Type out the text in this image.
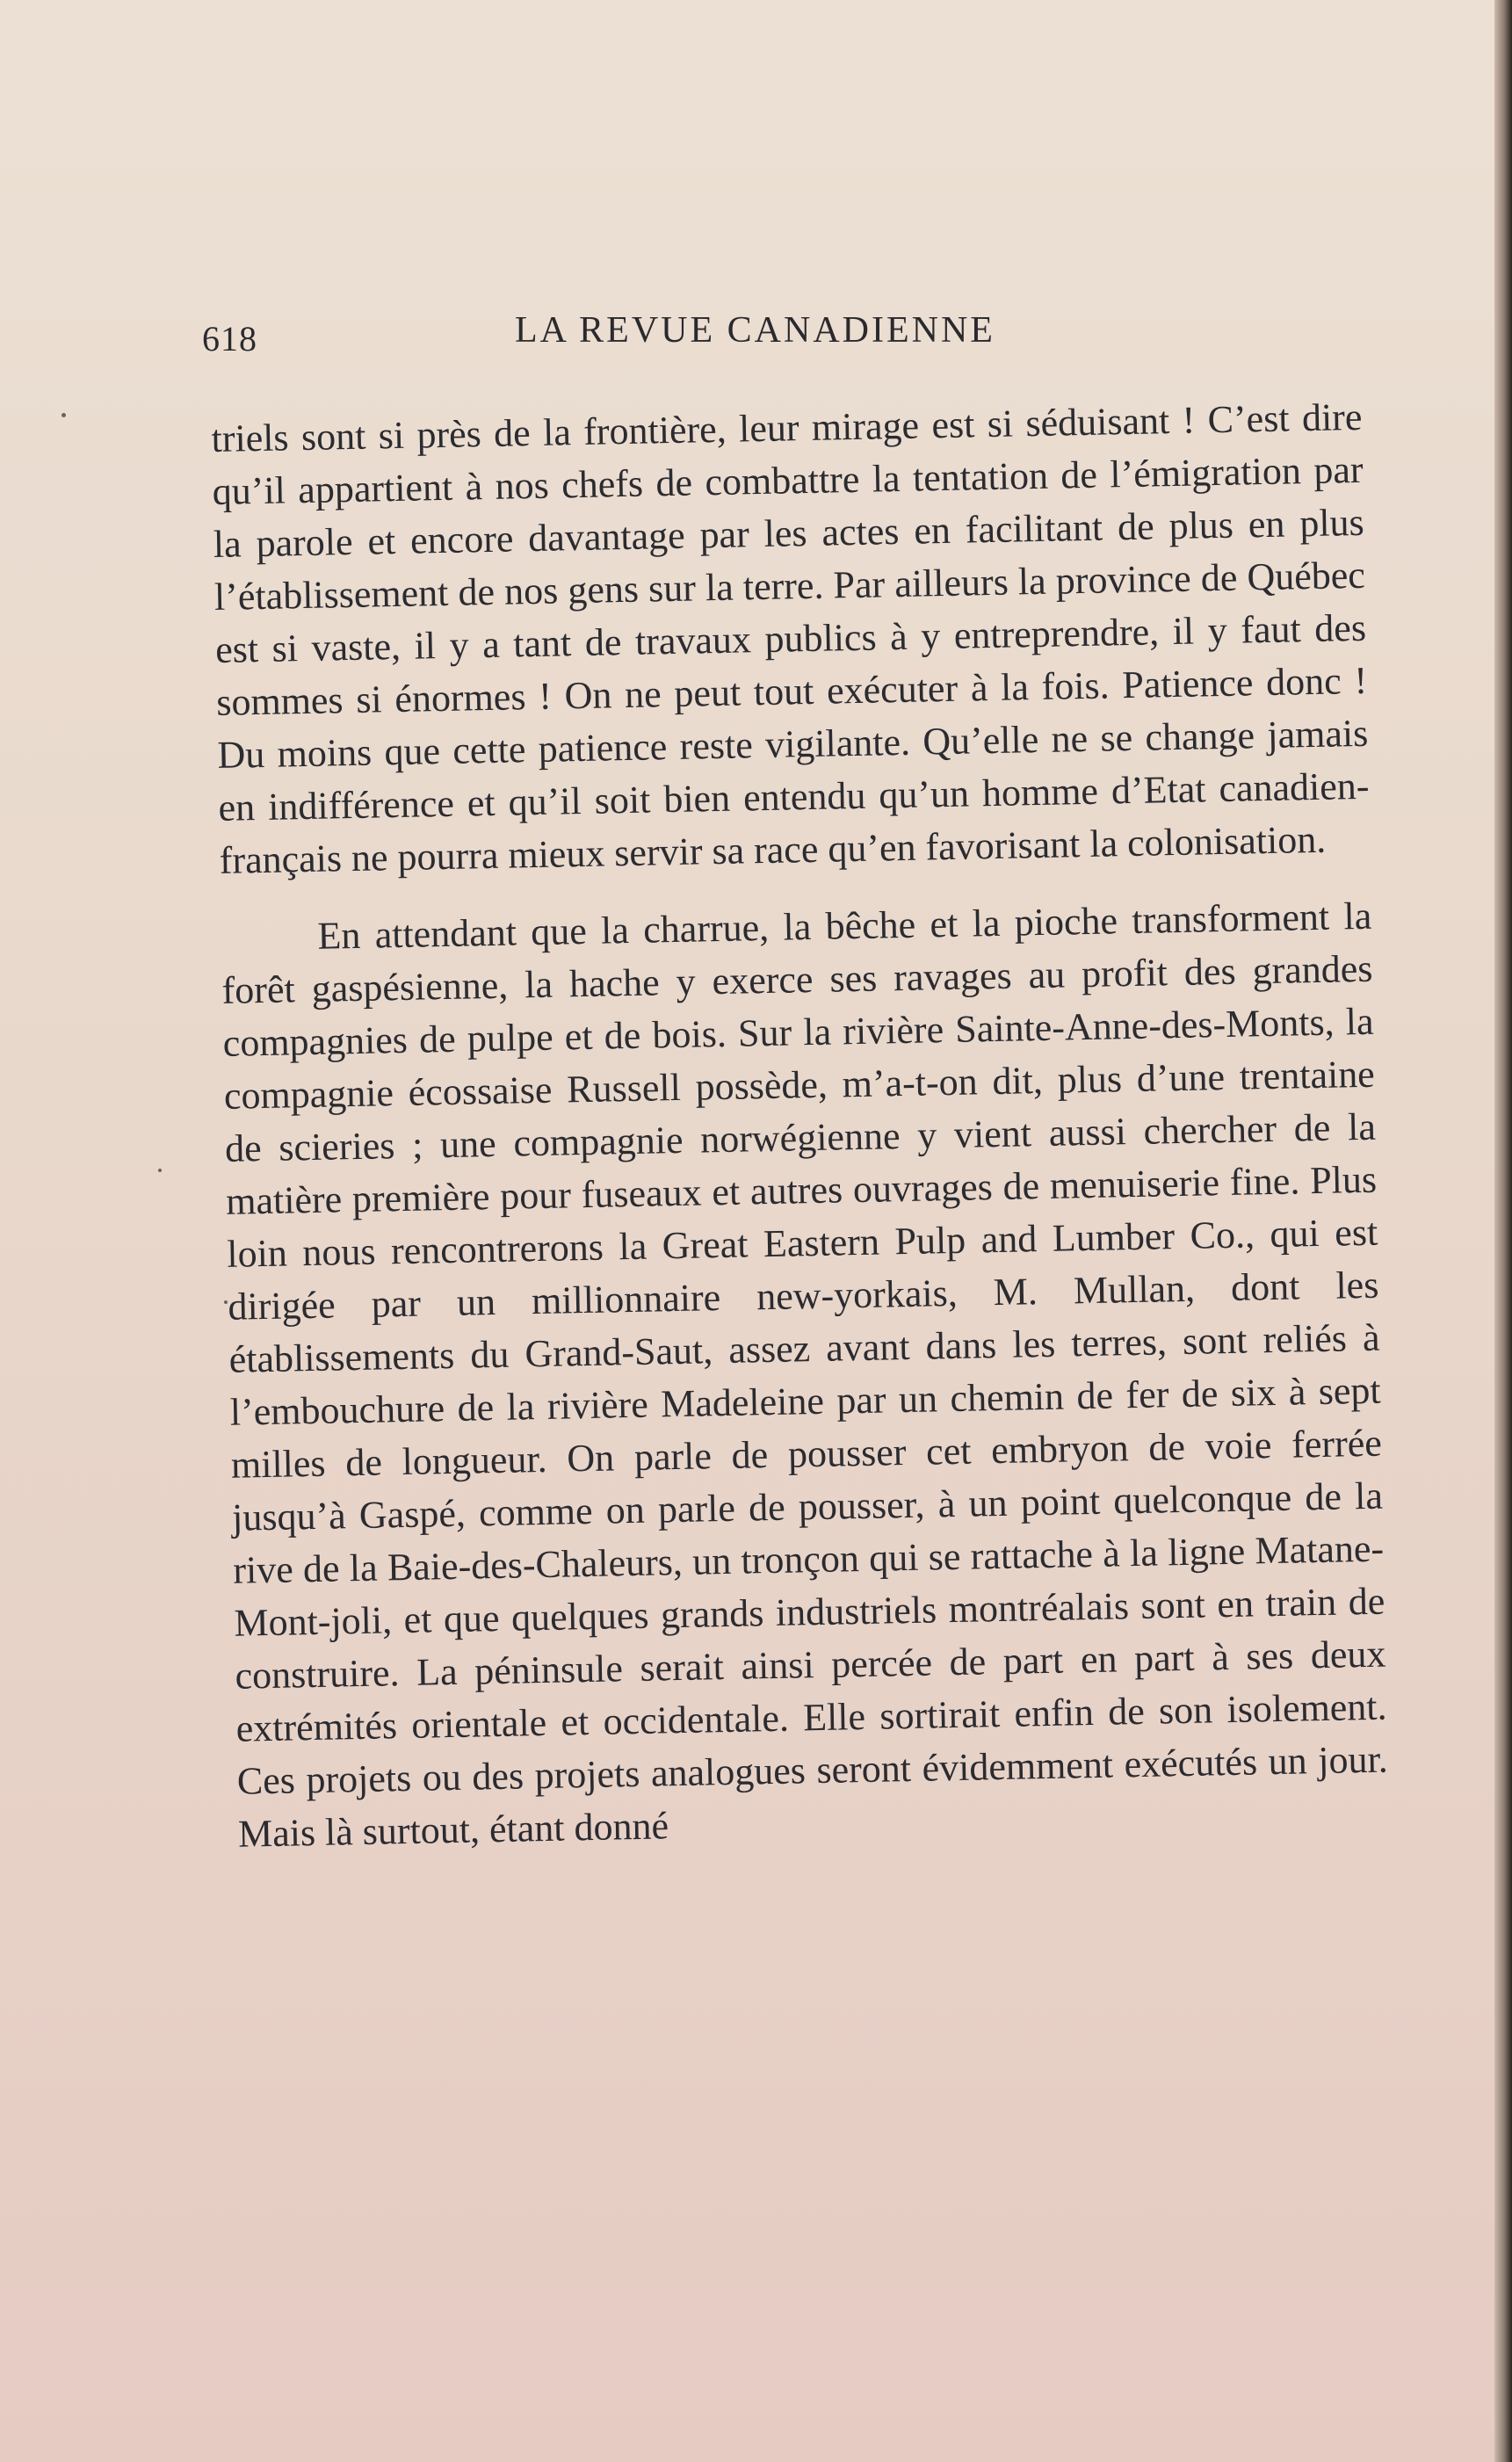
618	LA REVUE CANADIENNE

triels sont si près de la frontière, leur mirage est si séduisant ! C’est dire qu’il appartient à nos chefs de combattre la tentation de l’émigration par la parole et encore davantage par les actes en facilitant de plus en plus l’établissement de nos gens sur la terre. Par ailleurs la province de Québec est si vaste, il y a tant de travaux publics à y entreprendre, il y faut des sommes si énormes ! On ne peut tout exécuter à la fois. Patience donc ! Du moins que cette patience reste vigilante. Qu’elle ne se change jamais en indifférence et qu’il soit bien entendu qu’un homme d’Etat canadien-français ne pourra mieux servir sa race qu’en favorisant la colonisation.

En attendant que la charrue, la bêche et la pioche transforment la forêt gaspésienne, la hache y exerce ses ravages au profit des grandes compagnies de pulpe et de bois. Sur la rivière Sainte-Anne-des-Monts, la compagnie écossaise Russell possède, m’a-t-on dit, plus d’une trentaine de scieries ; une compagnie norwégienne y vient aussi chercher de la matière première pour fuseaux et autres ouvrages de menuiserie fine. Plus loin nous rencontrerons la Great Eastern Pulp and Lumber Co., qui est dirigée par un millionnaire new-yorkais, M. Mullan, dont les établissements du Grand-Saut, assez avant dans les terres, sont reliés à l’embouchure de la rivière Madeleine par un chemin de fer de six à sept milles de longueur. On parle de pousser cet embryon de voie ferrée jusqu’à Gaspé, comme on parle de pousser, à un point quelconque de la rive de la Baie-des-Chaleurs, un tronçon qui se rattache à la ligne Matane-Mont-joli, et que quelques grands industriels montréalais sont en train de construire. La péninsule serait ainsi percée de part en part à ses deux extrémités orientale et occidentale. Elle sortirait enfin de son isolement. Ces projets ou des projets analogues seront évidemment exécutés un jour. Mais là surtout, étant donné
